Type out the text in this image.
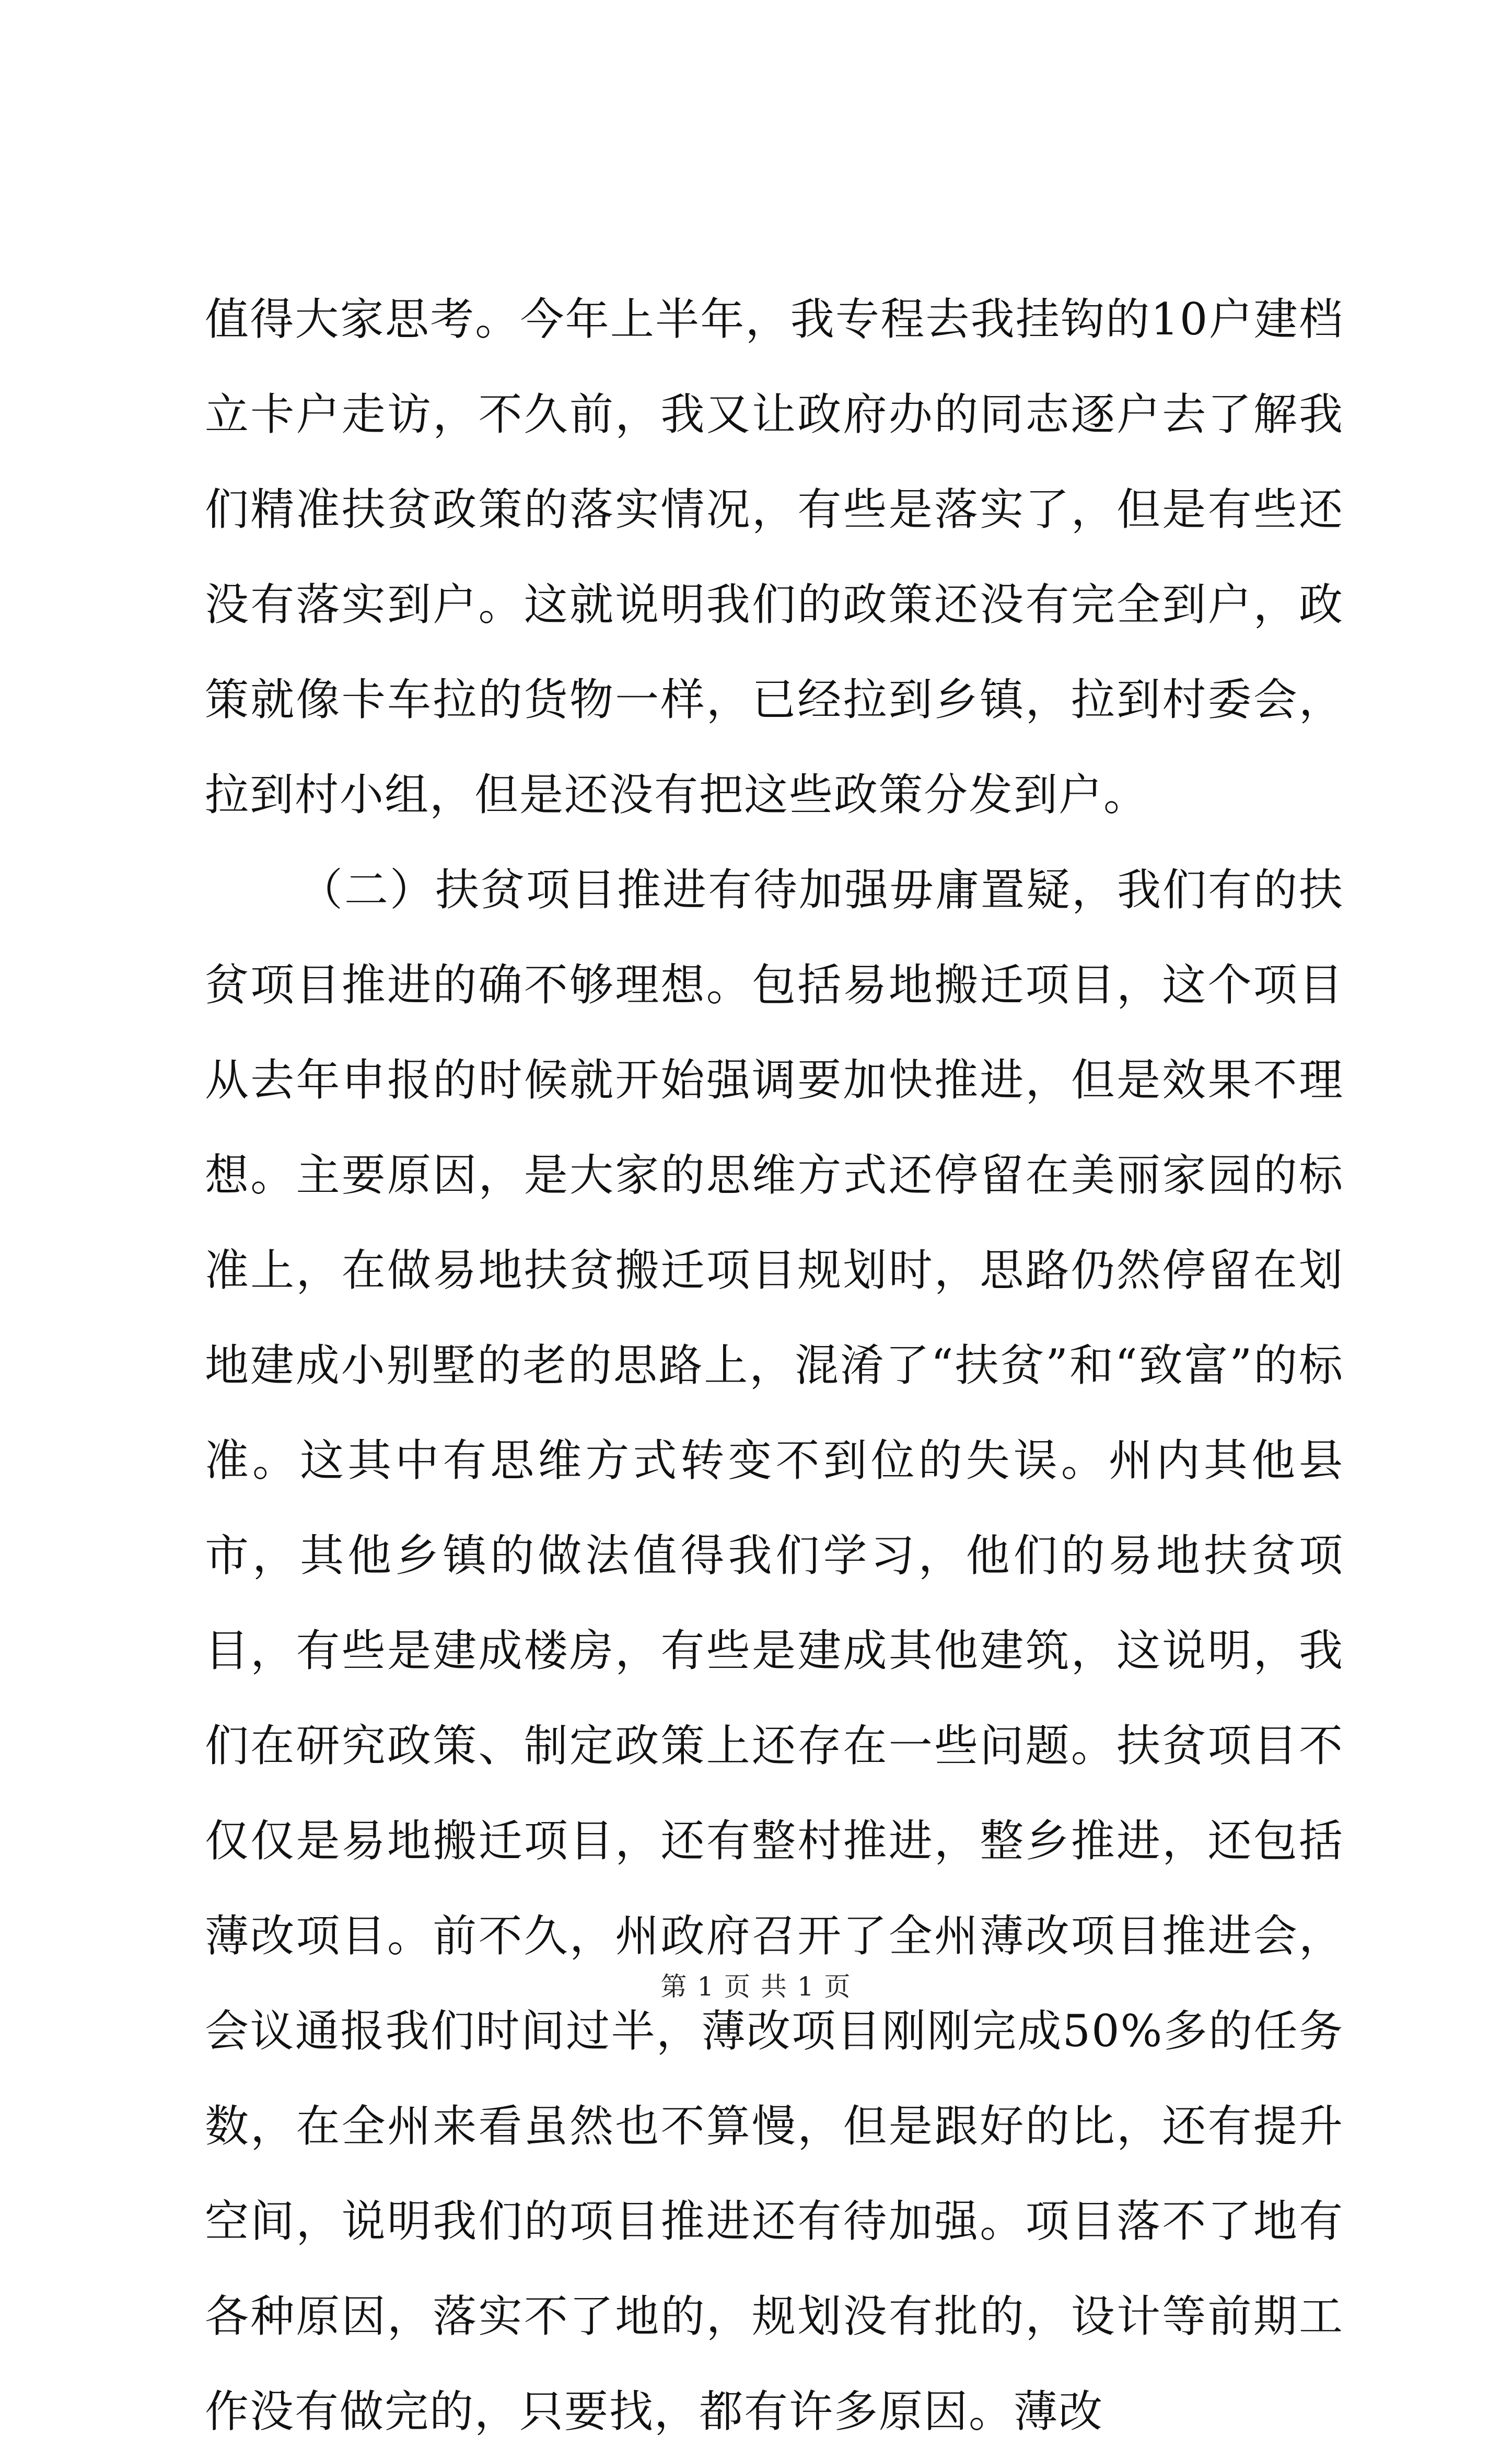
值得大家思考。今年上半年，我专程去我挂钩的10户建档立卡户走访，不久前，我又让政府办的同志逐户去了解我们精准扶贫政策的落实情况，有些是落实了，但是有些还没有落实到户。这就说明我们的政策还没有完全到户，政策就像卡车拉的货物一样，已经拉到乡镇，拉到村委会，拉到村小组，但是还没有把这些政策分发到户。

（二）扶贫项目推进有待加强毋庸置疑，我们有的扶贫项目推进的确不够理想。包括易地搬迁项目，这个项目从去年申报的时候就开始强调要加快推进，但是效果不理想。主要原因，是大家的思维方式还停留在美丽家园的标准上，在做易地扶贫搬迁项目规划时，思路仍然停留在划地建成小别墅的老的思路上，混淆了“扶贫”和“致富”的标准。这其中有思维方式转变不到位的失误。州内其他县市，其他乡镇的做法值得我们学习，他们的易地扶贫项目，有些是建成楼房，有些是建成其他建筑，这说明，我们在研究政策、制定政策上还存在一些问题。扶贫项目不仅仅是易地搬迁项目，还有整村推进，整乡推进，还包括薄改项目。前不久，州政府召开了全州薄改项目推进会，会议通报我们时间过半，薄改项目刚刚完成50%多的任务数，在全州来看虽然也不算慢，但是跟好的比，还有提升空间，说明我们的项目推进还有待加强。项目落不了地有各种原因，落实不了地的，规划没有批的，设计等前期工作没有做完的，只要找，都有许多原因。薄改

第 1 页 共 1 页
